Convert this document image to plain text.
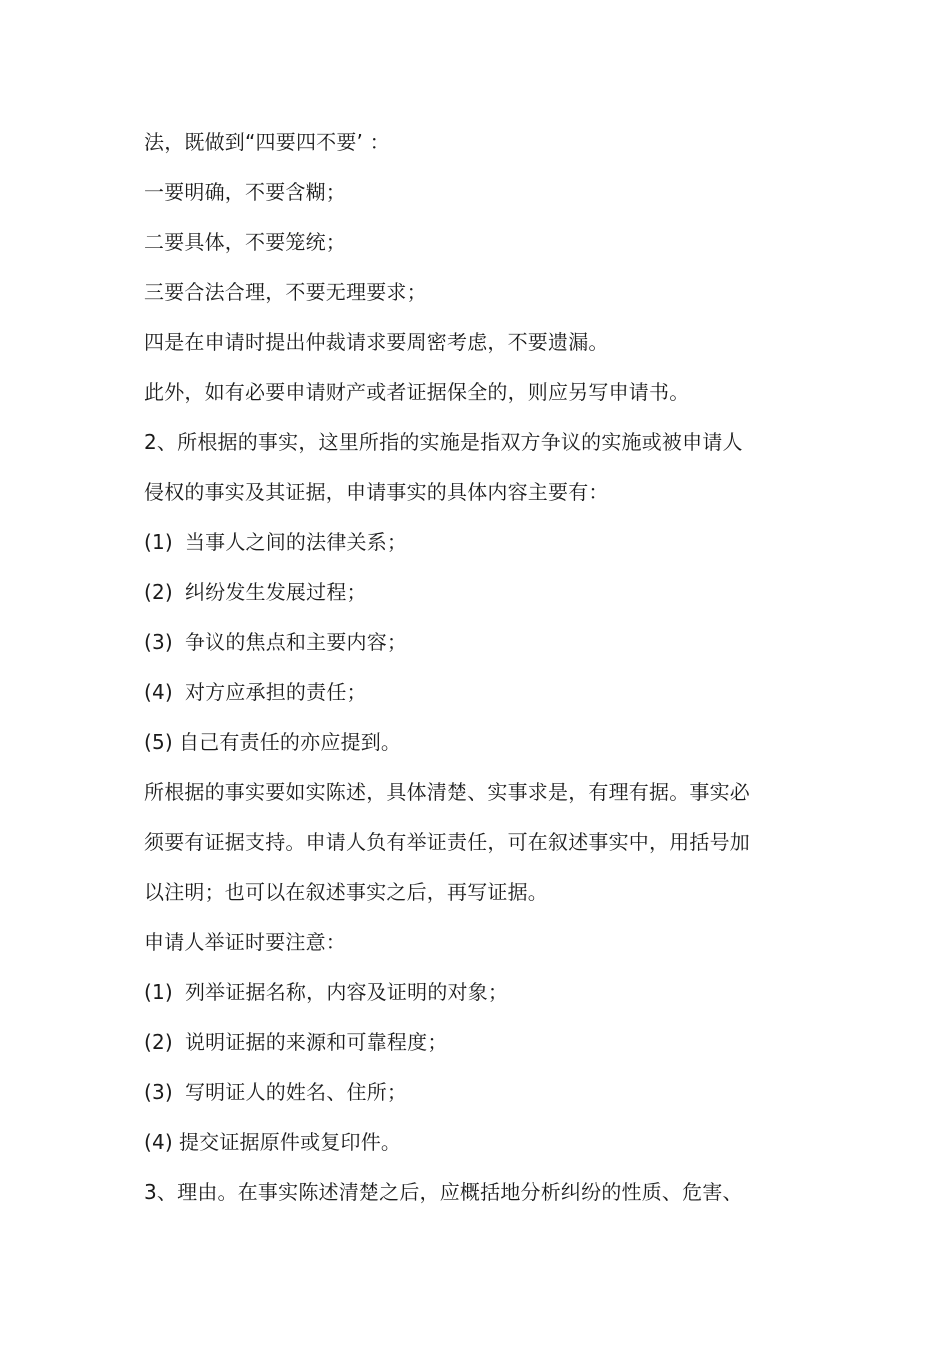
法，既做到“四要四不要’ ：
一要明确，不要含糊；
二要具体，不要笼统；
三要合法合理，不要无理要求；
四是在申请时提出仲裁请求要周密考虑，不要遗漏。
此外，如有必要申请财产或者证据保全的，则应另写申请书。
2、所根据的事实，这里所指的实施是指双方争议的实施或被申请人
侵权的事实及其证据，申请事实的具体内容主要有：
(1) 当事人之间的法律关系；
(2) 纠纷发生发展过程；
(3) 争议的焦点和主要内容；
(4) 对方应承担的责任；
(5) 自己有责任的亦应提到。
所根据的事实要如实陈述，具体清楚、实事求是，有理有据。事实必
须要有证据支持。申请人负有举证责任，可在叙述事实中，用括号加
以注明；也可以在叙述事实之后，再写证据。
申请人举证时要注意：
(1) 列举证据名称，内容及证明的对象；
(2) 说明证据的来源和可靠程度；
(3) 写明证人的姓名、住所；
(4) 提交证据原件或复印件。
3、理由。在事实陈述清楚之后，应概括地分析纠纷的性质、危害、
